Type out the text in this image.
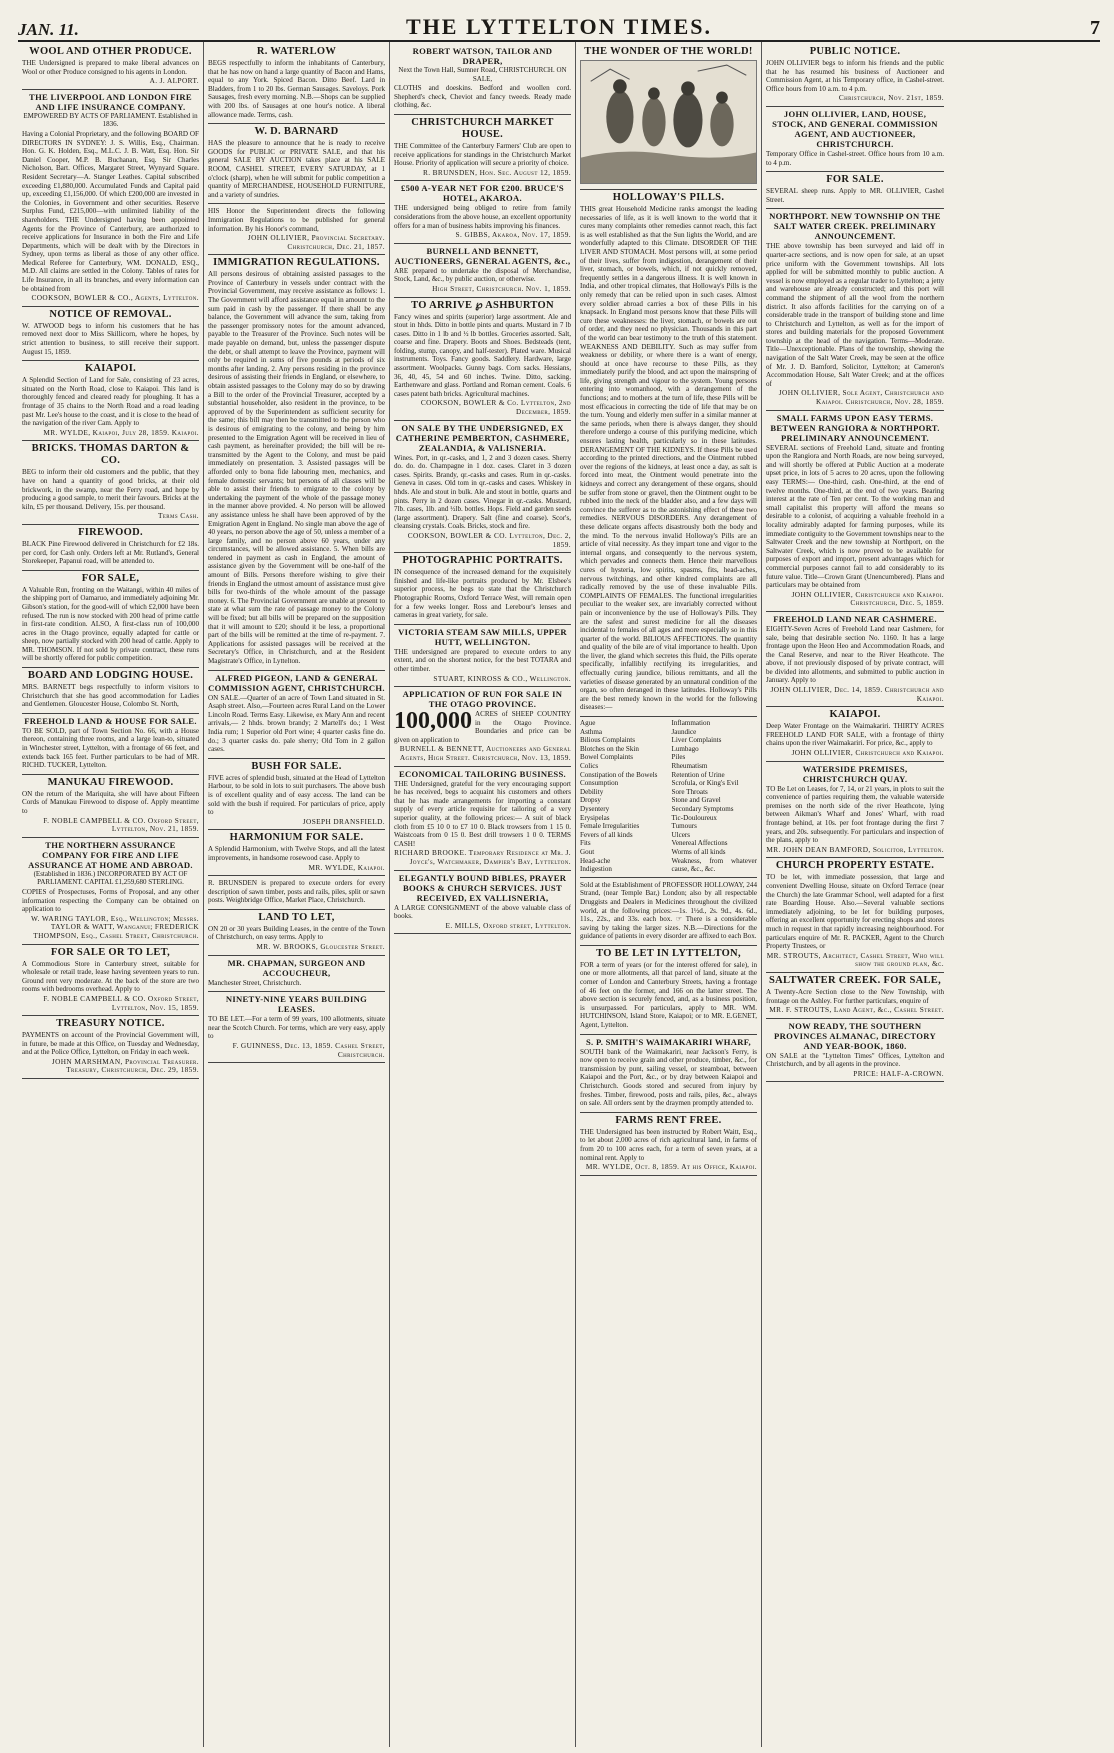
JAN. 11.	THE LYTTELTON TIMES.	7
WOOL AND OTHER PRODUCE.
THE Undersigned is prepared to make liberal advances on Wool or other Produce consigned to his agents in London.
A. J. ALPORT.
THE LIVERPOOL AND LONDON FIRE AND LIFE INSURANCE COMPANY.
EMPOWERED BY ACTS OF PARLIAMENT. Established in 1836.
Having a Colonial Proprietary, and the following BOARD OF DIRECTORS IN SYDNEY: J. S. Willis, Esq., Chairman. Hon. G. K. Holden, Esq., M.L.C. J. B. Watt, Esq. Hon. Sir Daniel Cooper, M.P. B. Buchanan, Esq. Sir Charles Nicholson, Bart. Offices, Margaret Street, Wynyard Square. Resident Secretary—A. Stanger Leathes. Capital subscribed exceeding £1,880,000. Accumulated Funds and Capital paid up, exceeding £1,156,000. Of which £200,000 are invested in the Colonies, in Government and other securities. Reserve Surplus Fund, £215,000—with unlimited liability of the shareholders. THE Undersigned having been appointed Agents for the Province of Canterbury, are authorized to receive applications for Insurance in both the Fire and Life Departments, which will be dealt with by the Directors in Sydney, upon terms as liberal as those of any other office. Medical Referee for Canterbury, WM. DONALD, ESQ., M.D. All claims are settled in the Colony. Tables of rates for Life Insurance, in all its branches, and every information can be obtained from
COOKSON, BOWLER & CO., Agents, Lyttelton.
NOTICE OF REMOVAL.
W. ATWOOD begs to inform his customers that he has removed next door to Miss Skillicorn, where he hopes, by strict attention to business, to still receive their support. August 15, 1859.
KAIAPOI.
A Splendid Section of Land for Sale, consisting of 23 acres, situated on the North Road, close to Kaiapoi. This land is thoroughly fenced and cleared ready for ploughing. It has a frontage of 35 chains to the North Road and a road leading past Mr. Lee's house to the coast, and it is close to the head of the navigation of the river Cam. Apply to
MR. WYLDE, Kaiapoi, July 28, 1859. Kaiapoi.
BRICKS. THOMAS DARTON & CO.
BEG to inform their old customers and the public, that they have on hand a quantity of good bricks, at their old brickwork, in the swamp, near the Ferry road, and hope by producing a good sample, to merit their favours. Bricks at the kiln, £5 per thousand. Delivery, 15s. per thousand.
Terms Cash.
FIREWOOD.
BLACK Pine Firewood delivered in Christchurch for £2 18s. per cord, for Cash only. Orders left at Mr. Rutland's, General Storekeeper, Papanui road, will be attended to.
FOR SALE,
A Valuable Run, fronting on the Waitangi, within 40 miles of the shipping port of Oamaruo, and immediately adjoining Mr. Gibson's station, for the good-will of which £2,000 have been refused. The run is now stocked with 200 head of prime cattle in first-rate condition. ALSO, A first-class run of 100,000 acres in the Otago province, equally adapted for cattle or sheep, now partially stocked with 200 head of cattle. Apply to MR. THOMSON. If not sold by private contract, these runs will be shortly offered for public competition.
BOARD AND LODGING HOUSE.
MRS. BARNETT begs respectfully to inform visitors to Christchurch that she has good accommodation for Ladies and Gentlemen. Gloucester House, Colombo St. North,
FREEHOLD LAND & HOUSE FOR SALE.
TO BE SOLD, part of Town Section No. 66, with a House thereon, containing three rooms, and a large lean-to, situated in Winchester street, Lyttelton, with a frontage of 66 feet, and extends back 165 feet. Further particulars to be had of MR. RICHD. TUCKER, Lyttelton.
MANUKAU FIREWOOD.
ON the return of the Mariquita, she will have about Fifteen Cords of Manukau Firewood to dispose of. Apply meantime to
F. NOBLE CAMPBELL & CO. Oxford Street, Lyttelton, Nov. 21, 1859.
THE NORTHERN ASSURANCE COMPANY FOR FIRE AND LIFE ASSURANCE AT HOME AND ABROAD.
(Established in 1836.) INCORPORATED BY ACT OF PARLIAMENT. CAPITAL £1,259,680 STERLING.
COPIES of Prospectuses, Forms of Proposal, and any other information respecting the Company can be obtained on application to
W. WARING TAYLOR, Esq., Wellington; Messrs. TAYLOR & WATT, Wanganui; FREDERICK THOMPSON, Esq., Cashel Street, Christchurch.
FOR SALE OR TO LET,
A Commodious Store in Canterbury street, suitable for wholesale or retail trade, lease having seventeen years to run. Ground rent very moderate. At the back of the store are two rooms with bedrooms overhead. Apply to
F. NOBLE CAMPBELL & CO. Oxford Street, Lyttelton, Nov. 15, 1859.
TREASURY NOTICE.
PAYMENTS on account of the Provincial Government will, in future, be made at this Office, on Tuesday and Wednesday, and at the Police Office, Lyttelton, on Friday in each week.
JOHN MARSHMAN, Provincial Treasurer. Treasury, Christchurch, Dec. 29, 1859.
R. WATERLOW
BEGS respectfully to inform the inhabitants of Canterbury, that he has now on hand a large quantity of Bacon and Hams, equal to any York. Spiced Bacon. Ditto Beef. Lard in Bladders, from 1 to 20 lbs. German Sausages. Saveloys. Pork Sausages, fresh every morning. N.B.—Shops can be supplied with 200 lbs. of Sausages at one hour's notice. A liberal allowance made. Terms, cash.
W. D. BARNARD
HAS the pleasure to announce that he is ready to receive GOODS for PUBLIC or PRIVATE SALE, and that his general SALE BY AUCTION takes place at his SALE ROOM, CASHEL STREET, EVERY SATURDAY, at 1 o'clock (sharp), when he will submit for public competition a quantity of MERCHANDISE, HOUSEHOLD FURNITURE, and a variety of sundries.
HIS Honor the Superintendent directs the following Immigration Regulations to be published for general information. By his Honor's command,
JOHN OLLIVIER, Provincial Secretary. Christchurch, Dec. 21, 1857.
IMMIGRATION REGULATIONS.
All persons desirous of obtaining assisted passages to the Province of Canterbury in vessels under contract with the Provincial Government, may receive assistance as follows: 1. The Government will afford assistance equal in amount to the sum paid in cash by the passenger. If there shall be any balance, the Government will advance the sum, taking from the passenger promissory notes for the amount advanced, payable to the Treasurer of the Province. Such notes will be made payable on demand, but, unless the passenger dispute the debt, or shall attempt to leave the Province, payment will only be required in sums of five pounds at periods of six months after landing. 2. Any persons residing in the province desirous of assisting their friends in England, or elsewhere, to obtain assisted passages to the Colony may do so by drawing a Bill to the order of the Provincial Treasurer, accepted by a substantial householder, also resident in the province, to be approved of by the Superintendent as sufficient security for the same; this bill may then be transmitted to the person who is desirous of emigrating to the colony, and being by him presented to the Emigration Agent will be received in lieu of cash payment, as hereinafter provided; the bill will be re-transmitted by the Agent to the Colony, and must be paid immediately on presentation. 3. Assisted passages will be afforded only to bona fide labouring men, mechanics, and female domestic servants; but persons of all classes will be able to assist their friends to emigrate to the colony by undertaking the payment of the whole of the passage money in the manner above provided. 4. No person will be allowed any assistance unless he shall have been approved of by the Emigration Agent in England. No single man above the age of 40 years, no person above the age of 50, unless a member of a large family, and no person above 60 years, under any circumstances, will be allowed assistance. 5. When bills are tendered in payment as cash in England, the amount of assistance given by the Government will be one-half of the amount of Bills. Persons therefore wishing to give their friends in England the utmost amount of assistance must give bills for two-thirds of the whole amount of the passage money. 6. The Provincial Government are unable at present to state at what sum the rate of passage money to the Colony will be fixed; but all bills will be prepared on the supposition that it will amount to £20; should it be less, a proportional part of the bills will be remitted at the time of re-payment. 7. Applications for assisted passages will be received at the Secretary's Office, in Christchurch, and at the Resident Magistrate's Office, in Lyttelton.
ALFRED PIGEON, LAND & GENERAL COMMISSION AGENT, CHRISTCHURCH.
ON SALE.—Quarter of an acre of Town Land situated in St. Asaph street. Also,—Fourteen acres Rural Land on the Lower Lincoln Road. Terms Easy. Likewise, ex Mary Ann and recent arrivals,— 2 hhds. brown brandy; 2 Martell's do.; 1 West India rum; 1 Superior old Port wine; 4 quarter casks fine do. do.; 3 quarter casks do. pale sherry; Old Tom in 2 gallon cases.
BUSH FOR SALE.
FIVE acres of splendid bush, situated at the Head of Lyttelton Harbour, to be sold in lots to suit purchasers. The above bush is of excellent quality and of easy access. The land can be sold with the bush if required. For particulars of price, apply to
JOSEPH DRANSFIELD.
HARMONIUM FOR SALE.
A Splendid Harmonium, with Twelve Stops, and all the latest improvements, in handsome rosewood case. Apply to
MR. WYLDE, Kaiapoi.
R. BRUNSDEN is prepared to execute orders for every description of sawn timber, posts and rails, piles, split or sawn posts. Weighbridge Office, Market Place, Christchurch.
LAND TO LET,
ON 20 or 30 years Building Leases, in the centre of the Town of Christchurch, on easy terms. Apply to
MR. W. BROOKS, Gloucester Street.
MR. CHAPMAN, SURGEON AND ACCOUCHEUR,
Manchester Street, Christchurch.
NINETY-NINE YEARS BUILDING LEASES.
TO BE LET.—For a term of 99 years, 100 allotments, situate near the Scotch Church. For terms, which are very easy, apply to
F. GUINNESS, Dec. 13, 1859. Cashel Street, Christchurch.
ROBERT WATSON, TAILOR AND DRAPER,
Next the Town Hall, Sumner Road, CHRISTCHURCH. ON SALE,
CLOTHS and doeskins. Bedford and woollen cord. Shepherd's check, Cheviot and fancy tweeds. Ready made clothing, &c.
CHRISTCHURCH MARKET HOUSE.
THE Committee of the Canterbury Farmers' Club are open to receive applications for standings in the Christchurch Market House. Priority of application will secure a priority of choice.
R. BRUNSDEN, Hon. Sec. August 12, 1859.
£500 A-YEAR NET FOR £200. BRUCE'S HOTEL, AKAROA.
THE undersigned being obliged to retire from family considerations from the above house, an excellent opportunity offers for a man of business habits improving his finances.
S. GIBBS, Akaroa, Nov. 17, 1859.
BURNELL AND BENNETT, AUCTIONEERS, GENERAL AGENTS, &c.,
ARE prepared to undertake the disposal of Merchandise, Stock, Land, &c., by public auction, or otherwise.
High Street, Christchurch. Nov. 1, 1859.
TO ARRIVE ℘ ASHBURTON
Fancy wines and spirits (superior) large assortment. Ale and stout in hhds. Ditto in bottle pints and quarts. Mustard in 7 lb cases. Ditto in 1 lb and ½ lb bottles. Groceries assorted. Salt, coarse and fine. Drapery. Boots and Shoes. Bedsteads (tent, folding, stump, canopy, and half-tester). Plated ware. Musical instruments. Toys. Fancy goods. Saddlery. Hardware, large assortment. Woolpacks. Gunny bags. Corn sacks. Hessians, 36, 40, 45, 54 and 60 inches. Twine. Ditto, sacking. Earthenware and glass. Portland and Roman cement. Coals. 6 cases patent bath bricks. Agricultural machines.
COOKSON, BOWLER & Co. Lyttelton, 2nd December, 1859.
ON SALE BY THE UNDERSIGNED, EX CATHERINE PEMBERTON, CASHMERE, ZEALANDIA, & VALISNERIA.
Wines. Port, in qr.-casks, and 1, 2 and 3 dozen cases. Sherry do. do. do. Champagne in 1 doz. cases. Claret in 3 dozen cases. Spirits. Brandy, qr.-casks and cases. Rum in qr.-casks. Geneva in cases. Old tom in qr.-casks and cases. Whiskey in hhds. Ale and stout in bulk. Ale and stout in bottle, quarts and pints. Perry in 2 dozen cases. Vinegar in qr.-casks. Mustard, 7lb. cases, 1lb. and ½lb. bottles. Hops. Field and garden seeds (large assortment). Drapery. Salt (fine and coarse). Scor's, cleansing crystals. Coals. Bricks, stock and fire.
COOKSON, BOWLER & CO. Lyttelton, Dec. 2, 1859.
PHOTOGRAPHIC PORTRAITS.
IN consequence of the increased demand for the exquisitely finished and life-like portraits produced by Mr. Elsbee's superior process, he begs to state that the Christchurch Photographic Rooms, Oxford Terrace West, will remain open for a few weeks longer. Ross and Lerebour's lenses and cameras in great variety, for sale.
VICTORIA STEAM SAW MILLS, UPPER HUTT, WELLINGTON.
THE undersigned are prepared to execute orders to any extent, and on the shortest notice, for the best TOTARA and other timber.
STUART, KINROSS & CO., Wellington.
APPLICATION OF RUN FOR SALE IN THE OTAGO PROVINCE.
100,000 ACRES of SHEEP COUNTRY in the Otago Province. Boundaries and price can be given on application to
BURNELL & BENNETT, Auctioneers and General Agents, High Street. Christchurch, Nov. 13, 1859.
ECONOMICAL TAILORING BUSINESS.
THE Undersigned, grateful for the very encouraging support he has received, begs to acquaint his customers and others that he has made arrangements for importing a constant supply of every article requisite for tailoring of a very superior quality, at the following prices:— A suit of black cloth from £5 10 0 to £7 10 0. Black trowsers from 1 15 0. Waistcoats from 0 15 0. Best drill trowsers 1 0 0. TERMS CASH!
RICHARD BROOKE. Temporary Residence at Mr. J. Joyce's, Watchmaker, Dampier's Bay, Lyttelton.
ELEGANTLY BOUND BIBLES, PRAYER BOOKS & CHURCH SERVICES. JUST RECEIVED, EX VALLISNERIA,
A LARGE CONSIGNMENT of the above valuable class of books.
E. MILLS, Oxford street, Lyttelton.
THE WONDER OF THE WORLD!
HOLLOWAY'S PILLS.
THIS great Household Medicine ranks amongst the leading necessaries of life, as it is well known to the world that it cures many complaints other remedies cannot reach, this fact is as well established as that the Sun lights the World, and are wonderfully adapted to this Climate. DISORDER OF THE LIVER AND STOMACH. Most persons will, at some period of their lives, suffer from indigestion, derangement of their liver, stomach, or bowels, which, if not quickly removed, frequently settles in a dangerous illness. It is well known in India, and other tropical climates, that Holloway's Pills is the only remedy that can be relied upon in such cases. Almost every soldier abroad carries a box of these Pills in his knapsack. In England most persons know that these Pills will cure these weaknesses: the liver, stomach, or bowels are out of order, and they need no physician. Thousands in this part of the world can bear testimony to the truth of this statement. WEAKNESS AND DEBILITY. Such as may suffer from weakness or debility, or where there is a want of energy, should at once have recourse to these Pills, as they immediately purify the blood, and act upon the mainspring of life, giving strength and vigour to the system. Young persons entering into womanhood, with a derangement of the functions; and to mothers at the turn of life, these Pills will be most efficacious in correcting the tide of life that may be on the turn. Young and elderly men suffer in a similar manner at the same periods, when there is always danger, they should therefore undergo a course of this purifying medicine, which ensures lasting health, particularly so in these latitudes. DERANGEMENT OF THE KIDNEYS. If these Pills be used according to the printed directions, and the Ointment rubbed over the regions of the kidneys, at least once a day, as salt is forced into meat, the Ointment would penetrate into the kidneys and correct any derangement of these organs, should be suffer from stone or gravel, then the Ointment ought to be rubbed into the neck of the bladder also, and a few days will convince the sufferer as to the astonishing effect of these two remedies. NERVOUS DISORDERS. Any derangement of these delicate organs affects disastrously both the body and the mind. To the nervous invalid Holloway's Pills are an article of vital necessity. As they impart tone and vigor to the internal organs, and consequently to the nervous system, which pervades and connects them. Hence their marvellous cures of hysteria, low spirits, spasms, fits, head-aches, nervous twitchings, and other kindred complaints are all radically removed by the use of these invaluable Pills. COMPLAINTS OF FEMALES. The functional irregularities peculiar to the weaker sex, are invariably corrected without pain or inconvenience by the use of Holloway's Pills. They are the safest and surest medicine for all the diseases incidental to females of all ages and more especially so in this quarter of the world. BILIOUS AFFECTIONS. The quantity and quality of the bile are of vital importance to health. Upon the liver, the gland which secretes this fluid, the Pills operate specifically, infallibly rectifying its irregularities, and effectually curing jaundice, bilious remittants, and all the varieties of disease generated by an unnatural condition of the organ, so often deranged in these latitudes. Holloway's Pills are the best remedy known in the world for the following diseases:—
Ague
Asthma
Bilious Complaints
Blotches on the Skin
Bowel Complaints
Colics
Constipation of the Bowels
Consumption
Debility
Dropsy
Dysentery
Erysipelas
Female Irregularities
Fevers of all kinds
Fits
Gout
Head-ache
Indigestion
Inflammation
Jaundice
Liver Complaints
Lumbago
Piles
Rheumatism
Retention of Urine
Scrofula, or King's Evil
Sore Throats
Stone and Gravel
Secondary Symptoms
Tic-Douloureux
Tumours
Ulcers
Venereal Affections
Worms of all kinds
Weakness, from whatever cause, &c., &c.
Sold at the Establishment of PROFESSOR HOLLOWAY, 244 Strand, (near Temple Bar,) London; also by all respectable Druggists and Dealers in Medicines throughout the civilized world, at the following prices:—1s. 1½d., 2s. 9d., 4s. 6d., 11s., 22s., and 33s. each box. ☞ There is a considerable saving by taking the larger sizes. N.B.—Directions for the guidance of patients in every disorder are affixed to each Box.
TO BE LET IN LYTTELTON,
FOR a term of years (or for the interest offered for sale), in one or more allotments, all that parcel of land, situate at the corner of London and Canterbury Streets, having a frontage of 46 feet on the former, and 166 on the latter street. The above section is securely fenced, and, as a business position, is unsurpassed. For particulars, apply to MR. WM. HUTCHINSON, Island Store, Kaiapoi; or to MR. E.GENET, Agent, Lyttelton.
S. P. SMITH'S WAIMAKARIRI WHARF,
SOUTH bank of the Waimakariri, near Jackson's Ferry, is now open to receive grain and other produce, timber, &c., for transmission by punt, sailing vessel, or steamboat, between Kaiapoi and the Port, &c., or by dray between Kaiapoi and Christchurch. Goods stored and secured from injury by freshes. Timber, firewood, posts and rails, piles, &c., always on sale. All orders sent by the draymen promptly attended to.
FARMS RENT FREE.
THE Undersigned has been instructed by Robert Waitt, Esq., to let about 2,000 acres of rich agricultural land, in farms of from 20 to 100 acres each, for a term of seven years, at a nominal rent. Apply to
MR. WYLDE, Oct. 8, 1859. At his Office, Kaiapoi.
PUBLIC NOTICE.
JOHN OLLIVIER begs to inform his friends and the public that he has resumed his business of Auctioneer and Commission Agent, at his Temporary office, in Cashel-street. Office hours from 10 a.m. to 4 p.m.
Christchurch, Nov. 21st, 1859.
JOHN OLLIVIER, LAND, HOUSE, STOCK, AND GENERAL COMMISSION AGENT, AND AUCTIONEER, CHRISTCHURCH.
Temporary Office in Cashel-street. Office hours from 10 a.m. to 4 p.m.
FOR SALE.
SEVERAL sheep runs. Apply to MR. OLLIVIER, Cashel Street.
NORTHPORT. NEW TOWNSHIP ON THE SALT WATER CREEK. PRELIMINARY ANNOUNCEMENT.
THE above township has been surveyed and laid off in quarter-acre sections, and is now open for sale, at an upset price uniform with the Government townships. All lots applied for will be submitted monthly to public auction. A vessel is now employed as a regular trader to Lyttelton; a jetty and warehouse are already constructed; and this port will command the shipment of all the wool from the northern district. It also affords facilities for the carrying on of a considerable trade in the transport of building stone and lime to Christchurch and Lyttelton, as well as for the import of stores and building materials for the proposed Government township at the head of the navigation. Terms—Moderate. Title—Unexceptionable. Plans of the township, shewing the navigation of the Salt Water Creek, may be seen at the office of Mr. J. D. Bamford, Solicitor, Lyttelton; at Cameron's Accommodation House, Salt Water Creek; and at the offices of
JOHN OLLIVIER, Sole Agent, Christchurch and Kaiapoi. Christchurch, Nov. 28, 1859.
SMALL FARMS UPON EASY TERMS. BETWEEN RANGIORA & NORTHPORT. PRELIMINARY ANNOUNCEMENT.
SEVERAL sections of Freehold Land, situate and fronting upon the Rangiora and North Roads, are now being surveyed, and will shortly be offered at Public Auction at a moderate upset price, in lots of 5 acres to 20 acres, upon the following easy TERMS:— One-third, cash. One-third, at the end of twelve months. One-third, at the end of two years. Bearing interest at the rate of Ten per cent. To the working man and small capitalist this property will afford the means so desirable to a colonist, of acquiring a valuable freehold in a locality admirably adapted for farming purposes, while its immediate contiguity to the Government townships near to the Saltwater Creek and the new township at Northport, on the Saltwater Creek, which is now proved to be available for purposes of export and import, present advantages which for commercial purposes cannot fail to add considerably to its future value. Title—Crown Grant (Unencumbered). Plans and particulars may be obtained from
JOHN OLLIVIER, Christchurch and Kaiapoi. Christchurch, Dec. 5, 1859.
FREEHOLD LAND NEAR CASHMERE.
EIGHTY-Seven Acres of Freehold Land near Cashmere, for sale, being that desirable section No. 1160. It has a large frontage upon the Heon Heo and Accommodation Roads, and the Canal Reserve, and near to the River Heathcote. The above, if not previously disposed of by private contract, will be divided into allotments, and submitted to public auction in January. Apply to
JOHN OLLIVIER, Dec. 14, 1859. Christchurch and Kaiapoi.
KAIAPOI.
Deep Water Frontage on the Waimakariri. THIRTY ACRES FREEHOLD LAND FOR SALE, with a frontage of thirty chains upon the river Waimakariri. For price, &c., apply to
JOHN OLLIVIER, Christchurch and Kaiapoi.
WATERSIDE PREMISES, CHRISTCHURCH QUAY.
TO Be Let on Leases, for 7, 14, or 21 years, in plots to suit the convenience of parties requiring them, the valuable waterside premises on the north side of the river Heathcote, lying between Aikman's Wharf and Jones' Wharf, with road frontage behind, at 10s. per foot frontage during the first 7 years, and 20s. subsequently. For particulars and inspection of the plans, apply to
MR. JOHN DEAN BAMFORD, Solicitor, Lyttelton.
CHURCH PROPERTY ESTATE.
TO be let, with immediate possession, that large and convenient Dwelling House, situate on Oxford Terrace (near the Church) the late Grammar School, well adapted for a first rate Boarding House. Also.—Several valuable sections immediately adjoining, to be let for building purposes, offering an excellent opportunity for erecting shops and stores much in request in that rapidly increasing neighbourhood. For particulars enquire of Mr. R. PACKER, Agent to the Church Property Trustees, or
MR. STROUTS, Architect, Cashel Street, Who will show the ground plan, &c.
SALTWATER CREEK. FOR SALE,
A Twenty-Acre Section close to the New Township, with frontage on the Ashley. For further particulars, enquire of
MR. F. STROUTS, Land Agent, &c., Cashel Street.
NOW READY, THE SOUTHERN PROVINCES ALMANAC, DIRECTORY AND YEAR-BOOK, 1860.
ON SALE at the "Lyttelton Times" Offices, Lyttelton and Christchurch, and by all agents in the province.
PRICE: HALF-A-CROWN.
